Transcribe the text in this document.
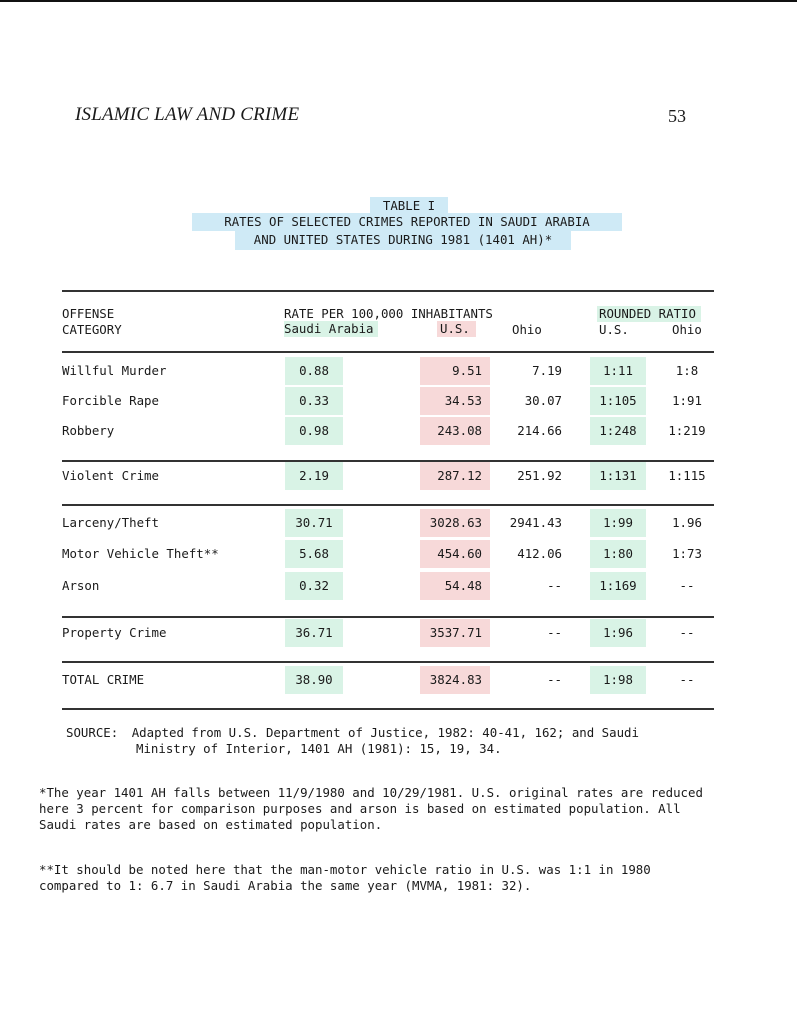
ISLAMIC LAW AND CRIME	53
TABLE I
RATES OF SELECTED CRIMES REPORTED IN SAUDI ARABIA
AND UNITED STATES DURING 1981 (1401 AH)*
OFFENSE
CATEGORY
RATE PER 100,000 INHABITANTS
Saudi Arabia	U.S.	Ohio
ROUNDED RATIO
U.S.	Ohio
Willful Murder	0.88	9.51	7.19	1:11	1:8
Forcible Rape	0.33	34.53	30.07	1:105	1:91
Robbery	0.98	243.08	214.66	1:248	1:219
Violent Crime	2.19	287.12	251.92	1:131	1:115
Larceny/Theft	30.71	3028.63	2941.43	1:99	1.96
Motor Vehicle Theft**	5.68	454.60	412.06	1:80	1:73
Arson	0.32	54.48	--	1:169	--
Property Crime	36.71	3537.71	--	1:96	--
TOTAL CRIME	38.90	3824.83	--	1:98	--
SOURCE: Adapted from U.S. Department of Justice, 1982: 40-41, 162; and Saudi
Ministry of Interior, 1401 AH (1981): 15, 19, 34.
*The year 1401 AH falls between 11/9/1980 and 10/29/1981. U.S. original rates are reduced
here 3 percent for comparison purposes and arson is based on estimated population. All
Saudi rates are based on estimated population.
**It should be noted here that the man-motor vehicle ratio in U.S. was 1:1 in 1980
compared to 1: 6.7 in Saudi Arabia the same year (MVMA, 1981: 32).
